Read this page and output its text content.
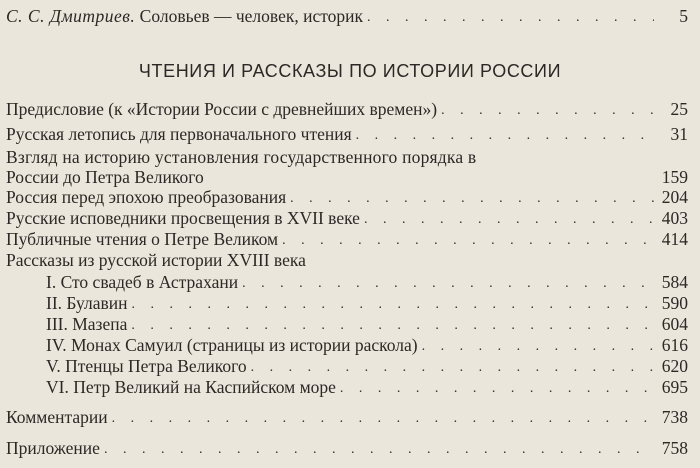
С. С. Дмитриев. Соловьев — человек, историк . . .	5
ЧТЕНИЯ И РАССКАЗЫ ПО ИСТОРИИ РОССИИ
Предисловие (к «Истории России с древнейших времен») . . .	25
Русская летопись для первоначального чтения . . .	31
Взгляд на историю установления государственного порядка в
России до Петра Великого	159
Россия перед эпохою преобразования . . .	204
Русские исповедники просвещения в XVII веке . . .	403
Публичные чтения о Петре Великом . . .	414
Рассказы из русской истории XVIII века
I. Сто свадеб в Астрахани . . .	584
II. Булавин . . .	590
III. Мазепа . . .	604
IV. Монах Самуил (страницы из истории раскола) . . .	616
V. Птенцы Петра Великого . . .	620
VI. Петр Великий на Каспийском море . . .	695
Комментарии . . .	738
Приложение . . .	758
